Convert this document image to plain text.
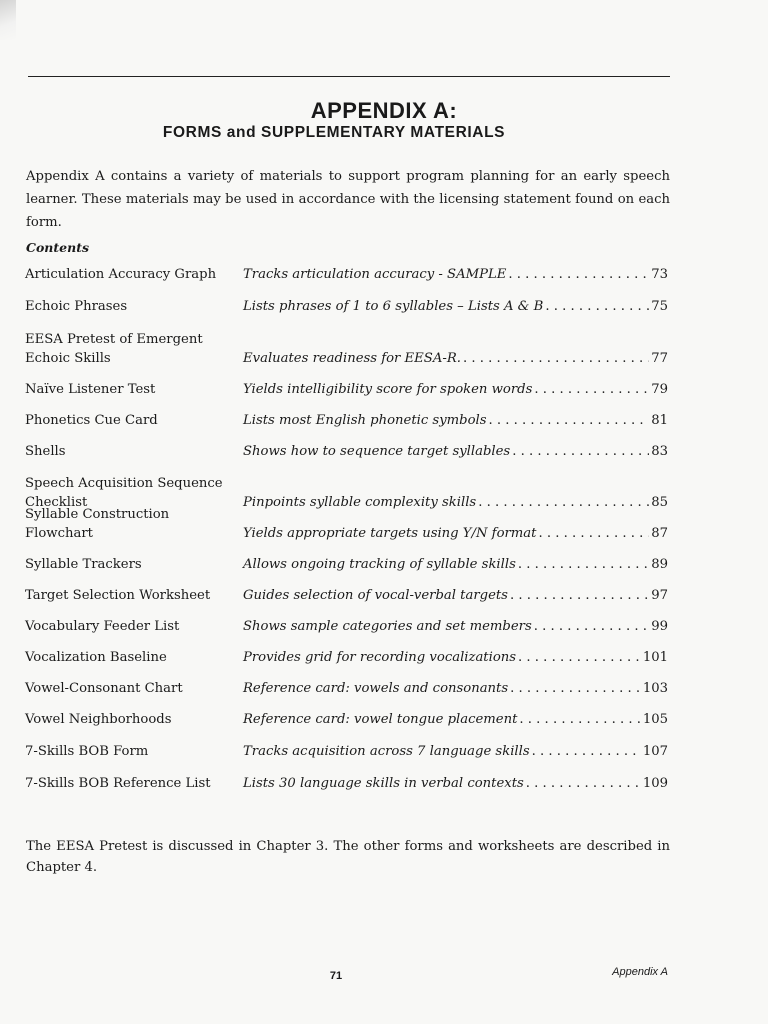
APPENDIX A:
FORMS and SUPPLEMENTARY MATERIALS
Appendix A contains a variety of materials to support program planning for an early speech learner. These materials may be used in accordance with the licensing statement found on each form.
Contents
Articulation Accuracy Graph	Tracks articulation accuracy - SAMPLE . . .	73
Echoic Phrases	Lists phrases of 1 to 6 syllables – Lists A & B . . .	75
EESA Pretest of Emergent Echoic Skills	Evaluates readiness for EESA-R. . . .	77
Naïve Listener Test	Yields intelligibility score for spoken words . . .	79
Phonetics Cue Card	Lists most English phonetic symbols . . .	81
Shells	Shows how to sequence target syllables . . .	83
Speech Acquisition Sequence Checklist	Pinpoints syllable complexity skills . . .	85
Syllable Construction Flowchart	Yields appropriate targets using Y/N format . . .	87
Syllable Trackers	Allows ongoing tracking of syllable skills . . .	89
Target Selection Worksheet	Guides selection of vocal-verbal targets . . .	97
Vocabulary Feeder List	Shows sample categories and set members . . .	99
Vocalization Baseline	Provides grid for recording vocalizations . . .	101
Vowel-Consonant Chart	Reference card: vowels and consonants . . .	103
Vowel Neighborhoods	Reference card: vowel tongue placement . . .	105
7-Skills BOB Form	Tracks acquisition across 7 language skills . . .	107
7-Skills BOB Reference List	Lists 30 language skills in verbal contexts . . .	109
The EESA Pretest is discussed in Chapter 3. The other forms and worksheets are described in Chapter 4.
71	Appendix A
